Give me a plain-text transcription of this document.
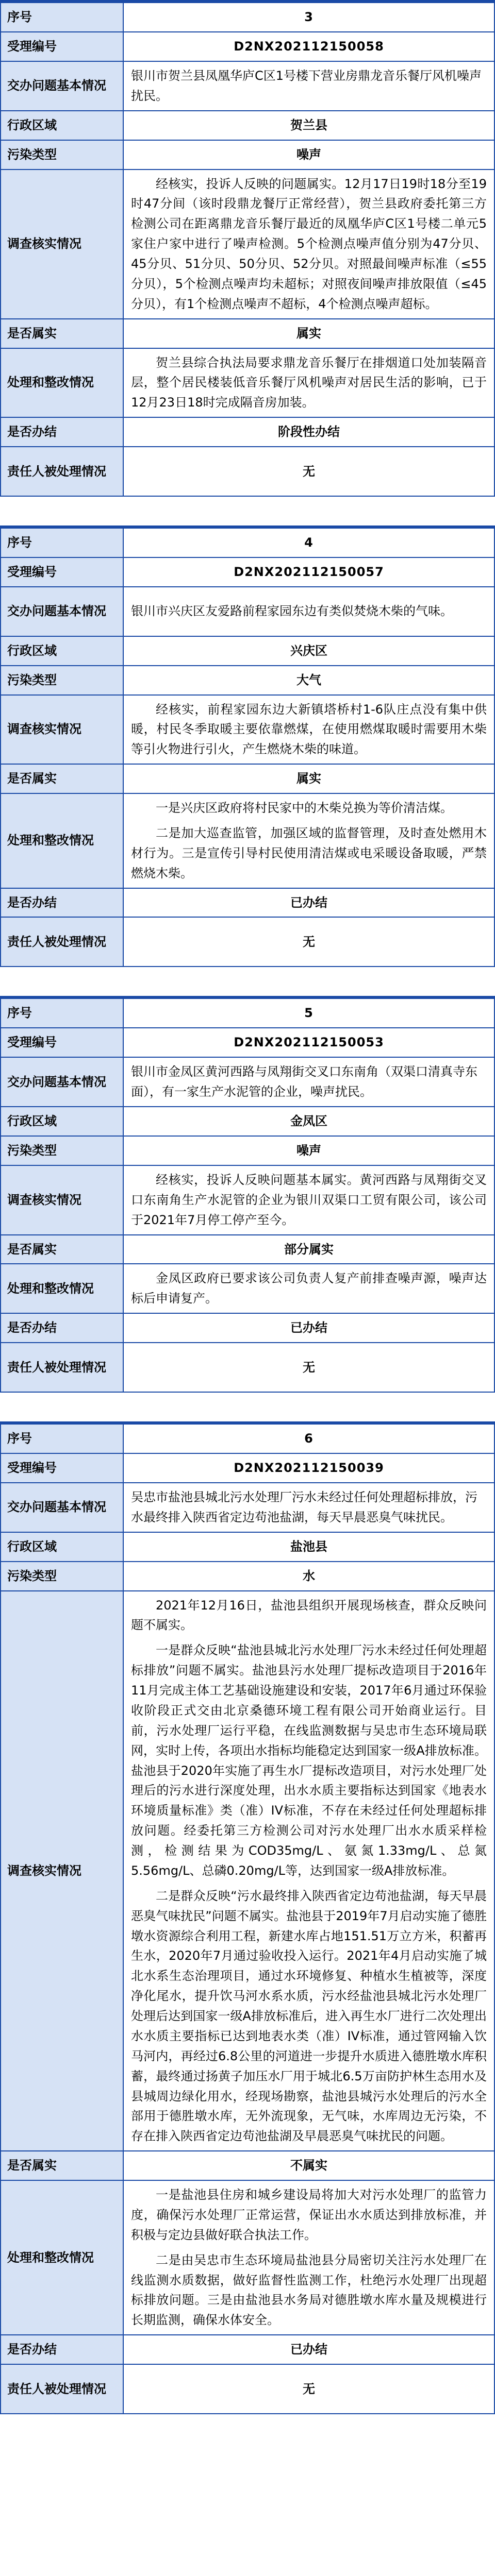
序号	3
受理编号	D2NX202112150058
交办问题基本情况	银川市贺兰县凤凰华庐C区1号楼下营业房鼎龙音乐餐厅风机噪声扰民。
行政区域	贺兰县
污染类型	噪声
调查核实情况	经核实，投诉人反映的问题属实。12月17日19时18分至19时47分间（该时段鼎龙餐厅正常经营），贺兰县政府委托第三方检测公司在距离鼎龙音乐餐厅最近的凤凰华庐C区1号楼二单元5家住户家中进行了噪声检测。5个检测点噪声值分别为47分贝、45分贝、51分贝、50分贝、52分贝。对照最间噪声标准（≤55分贝），5个检测点噪声均未超标；对照夜间噪声排放限值（≤45分贝），有1个检测点噪声不超标，4个检测点噪声超标。

是否属实	属实
处理和整改情况	贺兰县综合执法局要求鼎龙音乐餐厅在排烟道口处加装隔音层，整个居民楼装低音乐餐厅风机噪声对居民生活的影响，已于12月23日18时完成隔音房加装。

是否办结	阶段性办结
责任人被处理情况	无
序号	4
受理编号	D2NX202112150057
交办问题基本情况	银川市兴庆区友爱路前程家园东边有类似焚烧木柴的气味。
行政区域	兴庆区
污染类型	大气
调查核实情况	经核实，前程家园东边大新镇塔桥村1-6队庄点没有集中供暖，村民冬季取暖主要依靠燃煤，在使用燃煤取暖时需要用木柴等引火物进行引火，产生燃烧木柴的味道。

是否属实	属实
处理和整改情况	一是兴庆区政府将村民家中的木柴兑换为等价清洁煤。

二是加大巡查监管，加强区域的监督管理，及时查处燃用木材行为。三是宣传引导村民使用清洁煤或电采暖设备取暖，严禁燃烧木柴。

是否办结	已办结
责任人被处理情况	无
序号	5
受理编号	D2NX202112150053
交办问题基本情况	银川市金凤区黄河西路与凤翔街交叉口东南角（双渠口清真寺东面），有一家生产水泥管的企业，噪声扰民。
行政区域	金凤区
污染类型	噪声
调查核实情况	经核实，投诉人反映问题基本属实。黄河西路与凤翔街交叉口东南角生产水泥管的企业为银川双渠口工贸有限公司，该公司于2021年7月停工停产至今。

是否属实	部分属实
处理和整改情况	金凤区政府已要求该公司负责人复产前排查噪声源，噪声达标后申请复产。

是否办结	已办结
责任人被处理情况	无
序号	6
受理编号	D2NX202112150039
交办问题基本情况	吴忠市盐池县城北污水处理厂污水未经过任何处理超标排放，污水最终排入陕西省定边苟池盐湖，每天早晨恶臭气味扰民。
行政区域	盐池县
污染类型	水
调查核实情况	2021年12月16日，盐池县组织开展现场核查，群众反映问题不属实。

一是群众反映“盐池县城北污水处理厂污水未经过任何处理超标排放”问题不属实。盐池县污水处理厂提标改造项目于2016年11月完成主体工艺基础设施建设和安装，2017年6月通过环保验收阶段正式交由北京桑德环境工程有限公司开始商业运行。目前，污水处理厂运行平稳，在线监测数据与吴忠市生态环境局联网，实时上传，各项出水指标均能稳定达到国家一级A排放标准。盐池县于2020年实施了再生水厂提标改造项目，对污水处理厂处理后的污水进行深度处理，出水水质主要指标达到国家《地表水环境质量标准》类（准）IV标准，不存在未经过任何处理超标排放问题。经委托第三方检测公司对污水处理厂出水水质采样检测，检测结果为COD35mg/L、氨氮1.33mg/L、总氮5.56mg/L、总磷0.20mg/L等，达到国家一级A排放标准。

二是群众反映“污水最终排入陕西省定边苟池盐湖，每天早晨恶臭气味扰民”问题不属实。盐池县于2019年7月启动实施了德胜墩水资源综合利用工程，新建水库占地151.51万立方米，积蓄再生水，2020年7月通过验收投入运行。2021年4月启动实施了城北水系生态治理项目，通过水环境修复、种植水生植被等，深度净化尾水，提升饮马河水系水质，污水经盐池县城北污水处理厂处理后达到国家一级A排放标准后，进入再生水厂进行二次处理出水水质主要指标已达到地表水类（准）IV标准，通过管网输入饮马河内，再经过6.8公里的河道进一步提升水质进入德胜墩水库积蓄，最终通过扬黄子加压水厂用于城北6.5万亩防护林生态用水及县城周边绿化用水，经现场勘察，盐池县城污水处理后的污水全部用于德胜墩水库，无外流现象，无气味，水库周边无污染，不存在排入陕西省定边苟池盐湖及早晨恶臭气味扰民的问题。

是否属实	不属实
处理和整改情况	一是盐池县住房和城乡建设局将加大对污水处理厂的监管力度，确保污水处理厂正常运营，保证出水水质达到排放标准，并积极与定边县做好联合执法工作。

二是由吴忠市生态环境局盐池县分局密切关注污水处理厂在线监测水质数据，做好监督性监测工作，杜绝污水处理厂出现超标排放问题。三是由盐池县水务局对德胜墩水库水量及规模进行长期监测，确保水体安全。

是否办结	已办结
责任人被处理情况	无
